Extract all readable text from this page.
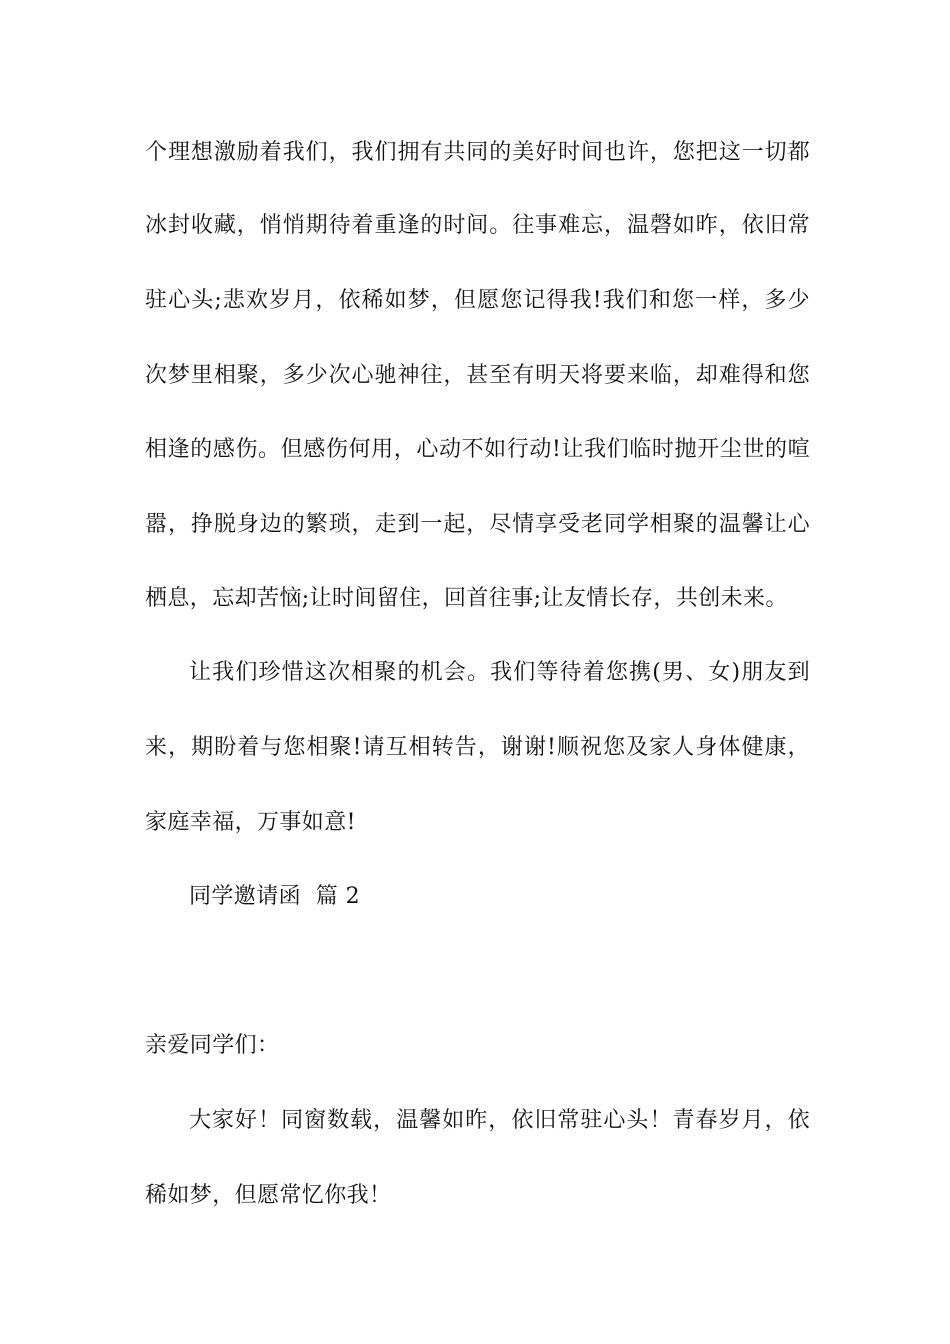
个理想激励着我们，我们拥有共同的美好时间也许，您把这一切都
冰封收藏，悄悄期待着重逢的时间。往事难忘，温磬如昨，依旧常
驻心头;悲欢岁月，依稀如梦，但愿您记得我!我们和您一样，多少
次梦里相聚，多少次心驰神往，甚至有明天将要来临，却难得和您
相逢的感伤。但感伤何用，心动不如行动!让我们临时抛开尘世的喧
嚣，挣脱身边的繁琐，走到一起，尽情享受老同学相聚的温馨让心
栖息，忘却苦恼;让时间留住，回首往事;让友情长存，共创未来。
让我们珍惜这次相聚的机会。我们等待着您携(男、女)朋友到
来，期盼着与您相聚!请互相转告，谢谢!顺祝您及家人身体健康，
家庭幸福，万事如意!
同学邀请函  篇 2
亲爱同学们：
大家好！同窗数载，温馨如昨，依旧常驻心头！青春岁月，依
稀如梦，但愿常忆你我！
